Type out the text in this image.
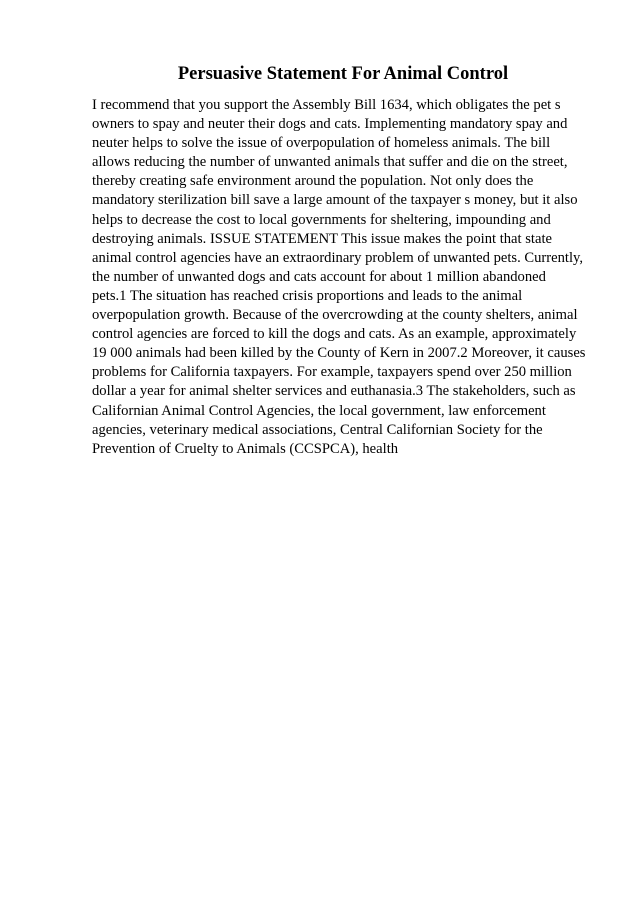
Persuasive Statement For Animal Control
I recommend that you support the Assembly Bill 1634, which obligates the pet s
owners to spay and neuter their dogs and cats. Implementing mandatory spay and
neuter helps to solve the issue of overpopulation of homeless animals. The bill
allows reducing the number of unwanted animals that suffer and die on the street,
thereby creating safe environment around the population. Not only does the
mandatory sterilization bill save a large amount of the taxpayer s money, but it also
helps to decrease the cost to local governments for sheltering, impounding and
destroying animals. ISSUE STATEMENT This issue makes the point that state
animal control agencies have an extraordinary problem of unwanted pets. Currently,
the number of unwanted dogs and cats account for about 1 million abandoned
pets.1 The situation has reached crisis proportions and leads to the animal
overpopulation growth. Because of the overcrowding at the county shelters, animal
control agencies are forced to kill the dogs and cats. As an example, approximately
19 000 animals had been killed by the County of Kern in 2007.2 Moreover, it causes
problems for California taxpayers. For example, taxpayers spend over 250 million
dollar a year for animal shelter services and euthanasia.3 The stakeholders, such as
Californian Animal Control Agencies, the local government, law enforcement
agencies, veterinary medical associations, Central Californian Society for the
Prevention of Cruelty to Animals (CCSPCA), health
